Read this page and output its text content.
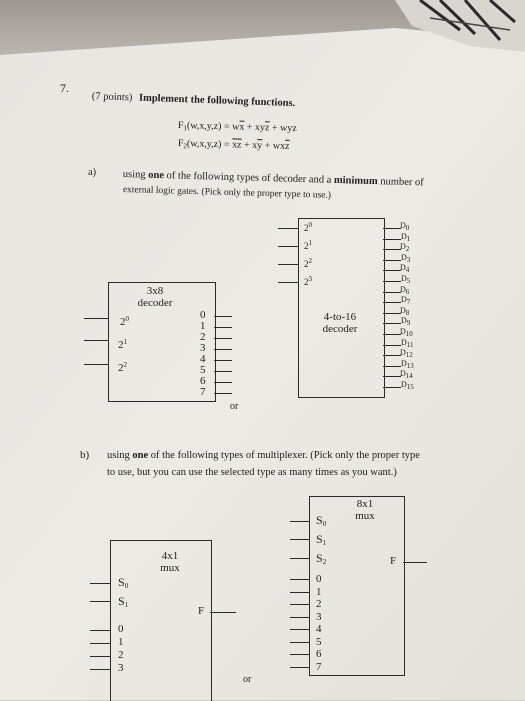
7.
(7 points) Implement the following functions.
$F_1(w,x,y,z) = w\overline{x} + xy\overline{z}$ + wyz
$F_2(w,x,y,z) = \overline{xz} + x\overline{y} + wx\overline{z}$
a)	using one of the following types of decoder and a minimum number of
external logic gates. (Pick only the proper type to use.)
3x8
decoder
$2^0$
$2^1$
$2^2$
0
1
2
3
4
5
6
7
or
4-to-16
decoder
$2^0$
$2^1$
$2^2$
$2^3$
D0
D1
D2
D3
D4
D5
D6
D7
D8
D9
D10
D11
D12
D13
D14
D15
b) using one of the following types of multiplexer. (Pick only the proper type
to use, but you can use the selected type as many times as you want.)
4x1
mux
$S_0$
$S_1$
0
1
2
3
F
or
8x1
mux
$S_0$
$S_1$
$S_2$
0
1
2
3
4
5
6
7
F
